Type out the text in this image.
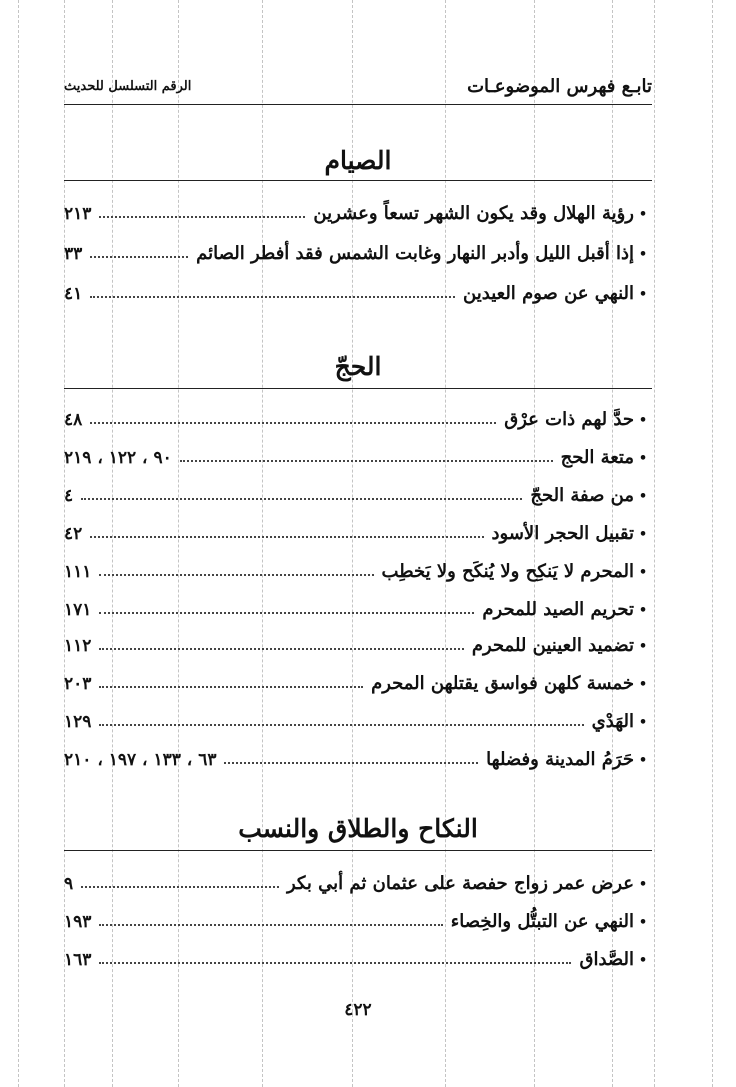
تابـع فهرس الموضوعـات
الرقم التسلسل للحديث
الصيام
•
رؤية الهلال وقد يكون الشهر تسعاً وعشرين
٢١٣
•
إذا أقبل الليل وأدبر النهار وغابت الشمس فقد أفطر الصائم
٣٣
•
النهي عن صوم العيدين
٤١
الحجّ
•
حدَّ لهم ذات عرْق
٤٨
•
متعة الحج
٩٠ ، ١٢٢ ، ٢١٩
•
من صفة الحجّ
٤
•
تقبيل الحجر الأسود
٤٢
•
المحرم لا يَنكِح ولا يُنكَح ولا يَخطِب
١١١
•
تحريم الصيد للمحرم
١٧١
•
تضميد العينين للمحرم
١١٢
•
خمسة كلهن فواسق يقتلهن المحرم
٢٠٣
•
الهَدْي
١٢٩
•
حَرَمُ المدينة وفضلها
٦٣ ، ١٣٣ ، ١٩٧ ، ٢١٠
النكاح والطلاق والنسب
•
عرض عمر زواج حفصة على عثمان ثم أبي بكر
٩
•
النهي عن التبتُّل والخِصاء
١٩٣
•
الصَّداق
١٦٣
٤٢٢
